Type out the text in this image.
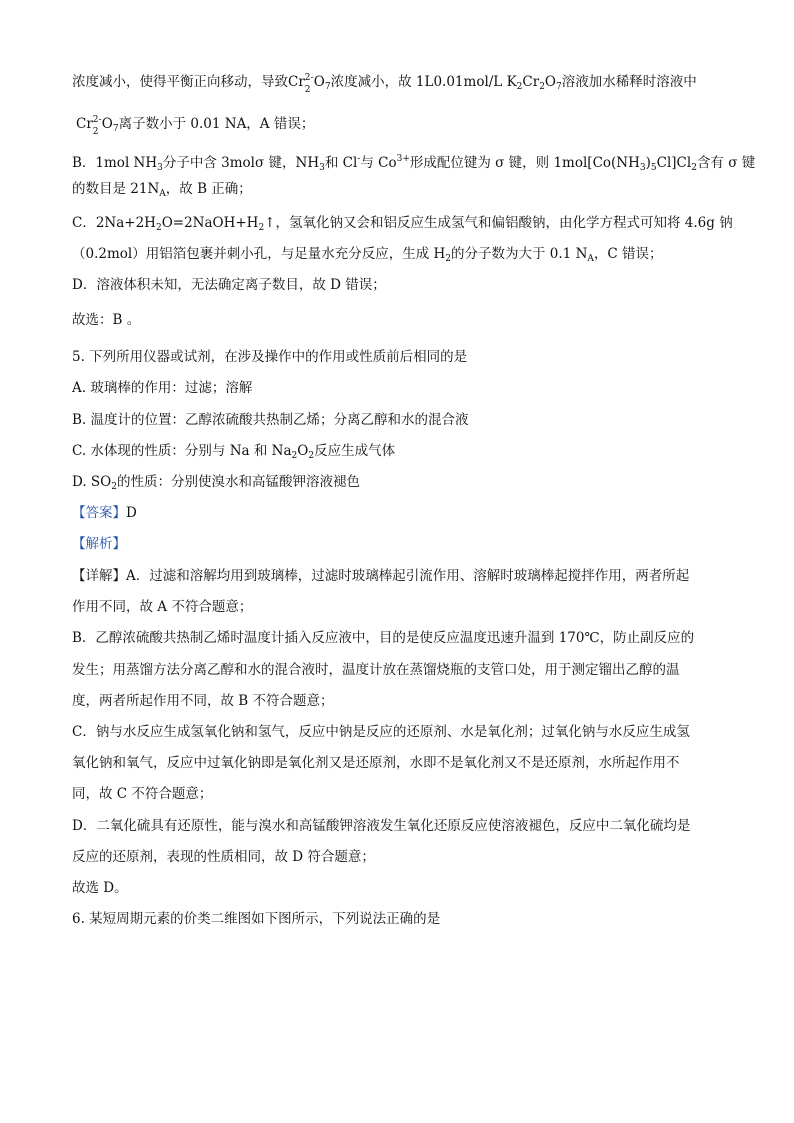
浓度减小，使得平衡正向移动，导致Cr 2-
2 $O_7$浓度减小，故 1L0.01mol/L $K_2Cr_2O_7$溶液加水稀释时溶液中
Cr 2-
2 $O_7$离子数小于 0.01 NA，A 错误；
B．1mol $NH_3$分子中含 3molσ 键，$NH_3$和 Cl-与 $Co^{3+}$形成配位键为 σ 键，则 $1mol[Co(NH_3)_5Cl]Cl_2$含有 σ 键
的数目是 $21N_A$，故 B 正确；
C．$2Na+2H_2O=2NaOH+H_2↑$，氢氧化钠又会和铝反应生成氢气和偏铝酸钠，由化学方程式可知将 4.6g 钠
（0.2mol）用铝箔包裹并刺小孔，与足量水充分反应，生成 $H_2$的分子数为大于 0.1 $N_A$，C 错误；
D．溶液体积未知，无法确定离子数目，故 D 错误；
故选：B 。
5. 下列所用仪器或试剂，在涉及操作中的作用或性质前后相同的是
A. 玻璃棒的作用：过滤；溶解
B. 温度计的位置：乙醇浓硫酸共热制乙烯；分离乙醇和水的混合液
C. 水体现的性质：分别与 Na 和 $Na_2O_2$反应生成气体
D. $SO_2$的性质：分别使溴水和高锰酸钾溶液褪色
【答案】D
【解析】
【详解】A．过滤和溶解均用到玻璃棒，过滤时玻璃棒起引流作用、溶解时玻璃棒起搅拌作用，两者所起
作用不同，故 A 不符合题意；
B．乙醇浓硫酸共热制乙烯时温度计插入反应液中，目的是使反应温度迅速升温到 170℃，防止副反应的
发生；用蒸馏方法分离乙醇和水的混合液时，温度计放在蒸馏烧瓶的支管口处，用于测定镏出乙醇的温
度，两者所起作用不同，故 B 不符合题意；
C．钠与水反应生成氢氧化钠和氢气，反应中钠是反应的还原剂、水是氧化剂；过氧化钠与水反应生成氢
氧化钠和氧气，反应中过氧化钠即是氧化剂又是还原剂，水即不是氧化剂又不是还原剂，水所起作用不
同，故 C 不符合题意；
D．二氧化硫具有还原性，能与溴水和高锰酸钾溶液发生氧化还原反应使溶液褪色，反应中二氧化硫均是
反应的还原剂，表现的性质相同，故 D 符合题意；
故选 D。
6. 某短周期元素的价类二维图如下图所示，下列说法正确的是
